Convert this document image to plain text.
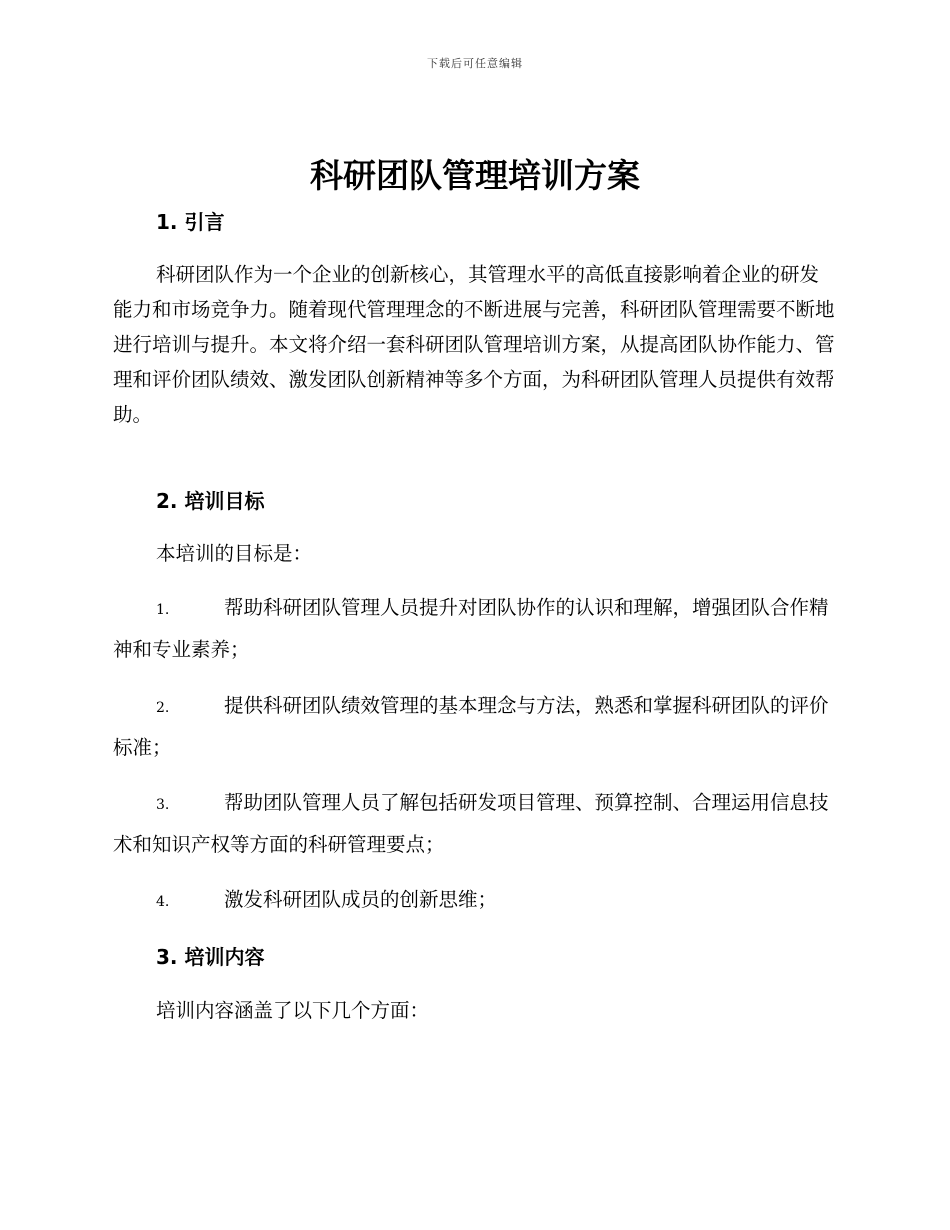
下载后可任意编辑
科研团队管理培训方案
1. 引言

科研团队作为一个企业的创新核心，其管理水平的高低直接影响着企业的研发能力和市场竞争力。随着现代管理理念的不断进展与完善，科研团队管理需要不断地进行培训与提升。本文将介绍一套科研团队管理培训方案，从提高团队协作能力、管理和评价团队绩效、激发团队创新精神等多个方面，为科研团队管理人员提供有效帮助。

2. 培训目标

本培训的目标是：

1.	帮助科研团队管理人员提升对团队协作的认识和理解，增强团队合作精神和专业素养；

2.	提供科研团队绩效管理的基本理念与方法，熟悉和掌握科研团队的评价标准；

3.	帮助团队管理人员了解包括研发项目管理、预算控制、合理运用信息技术和知识产权等方面的科研管理要点；

4.	激发科研团队成员的创新思维；

3. 培训内容

培训内容涵盖了以下几个方面：
